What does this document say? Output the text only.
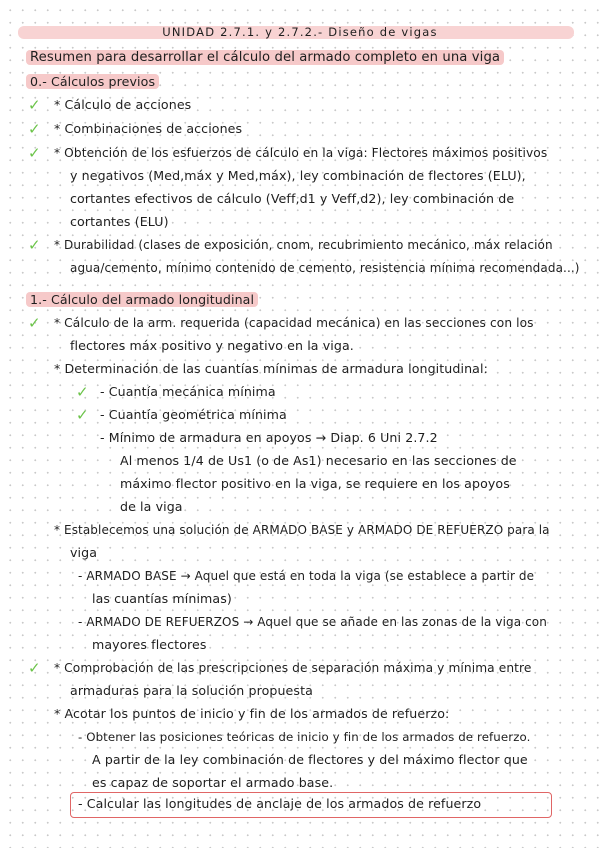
UNIDAD 2.7.1. y 2.7.2.- Diseño de vigas
Resumen para desarrollar el cálculo del armado completo en una viga
0.- Cálculos previos
✓ * Cálculo de acciones
✓ * Combinaciones de acciones
✓ * Obtención de los esfuerzos de cálculo en la viga: Flectores máximos positivos
y negativos (Med,máx y Med,máx), ley combinación de flectores (ELU),
cortantes efectivos de cálculo (Veff,d1 y Veff,d2), ley combinación de
cortantes (ELU)
✓ * Durabilidad (clases de exposición, cnom, recubrimiento mecánico, máx relación
agua/cemento, mínimo contenido de cemento, resistencia mínima recomendada...)
1.- Cálculo del armado longitudinal
✓ * Cálculo de la arm. requerida (capacidad mecánica) en las secciones con los
flectores máx positivo y negativo en la viga.
* Determinación de las cuantías mínimas de armadura longitudinal:
✓ - Cuantía mecánica mínima
✓ - Cuantía geométrica mínima
- Mínimo de armadura en apoyos → Diap. 6 Uni 2.7.2
Al menos 1/4 de Us1 (o de As1) necesario en las secciones de
máximo flector positivo en la viga, se requiere en los apoyos
de la viga
* Establecemos una solución de ARMADO BASE y ARMADO DE REFUERZO para la
viga
- ARMADO BASE → Aquel que está en toda la viga (se establece a partir de
las cuantías mínimas)
- ARMADO DE REFUERZOS → Aquel que se añade en las zonas de la viga con
mayores flectores
✓ * Comprobación de las prescripciones de separación máxima y mínima entre
armaduras para la solución propuesta
* Acotar los puntos de inicio y fin de los armados de refuerzo:
- Obtener las posiciones teóricas de inicio y fin de los armados de refuerzo.
A partir de la ley combinación de flectores y del máximo flector que
es capaz de soportar el armado base.
- Calcular las longitudes de anclaje de los armados de refuerzo
